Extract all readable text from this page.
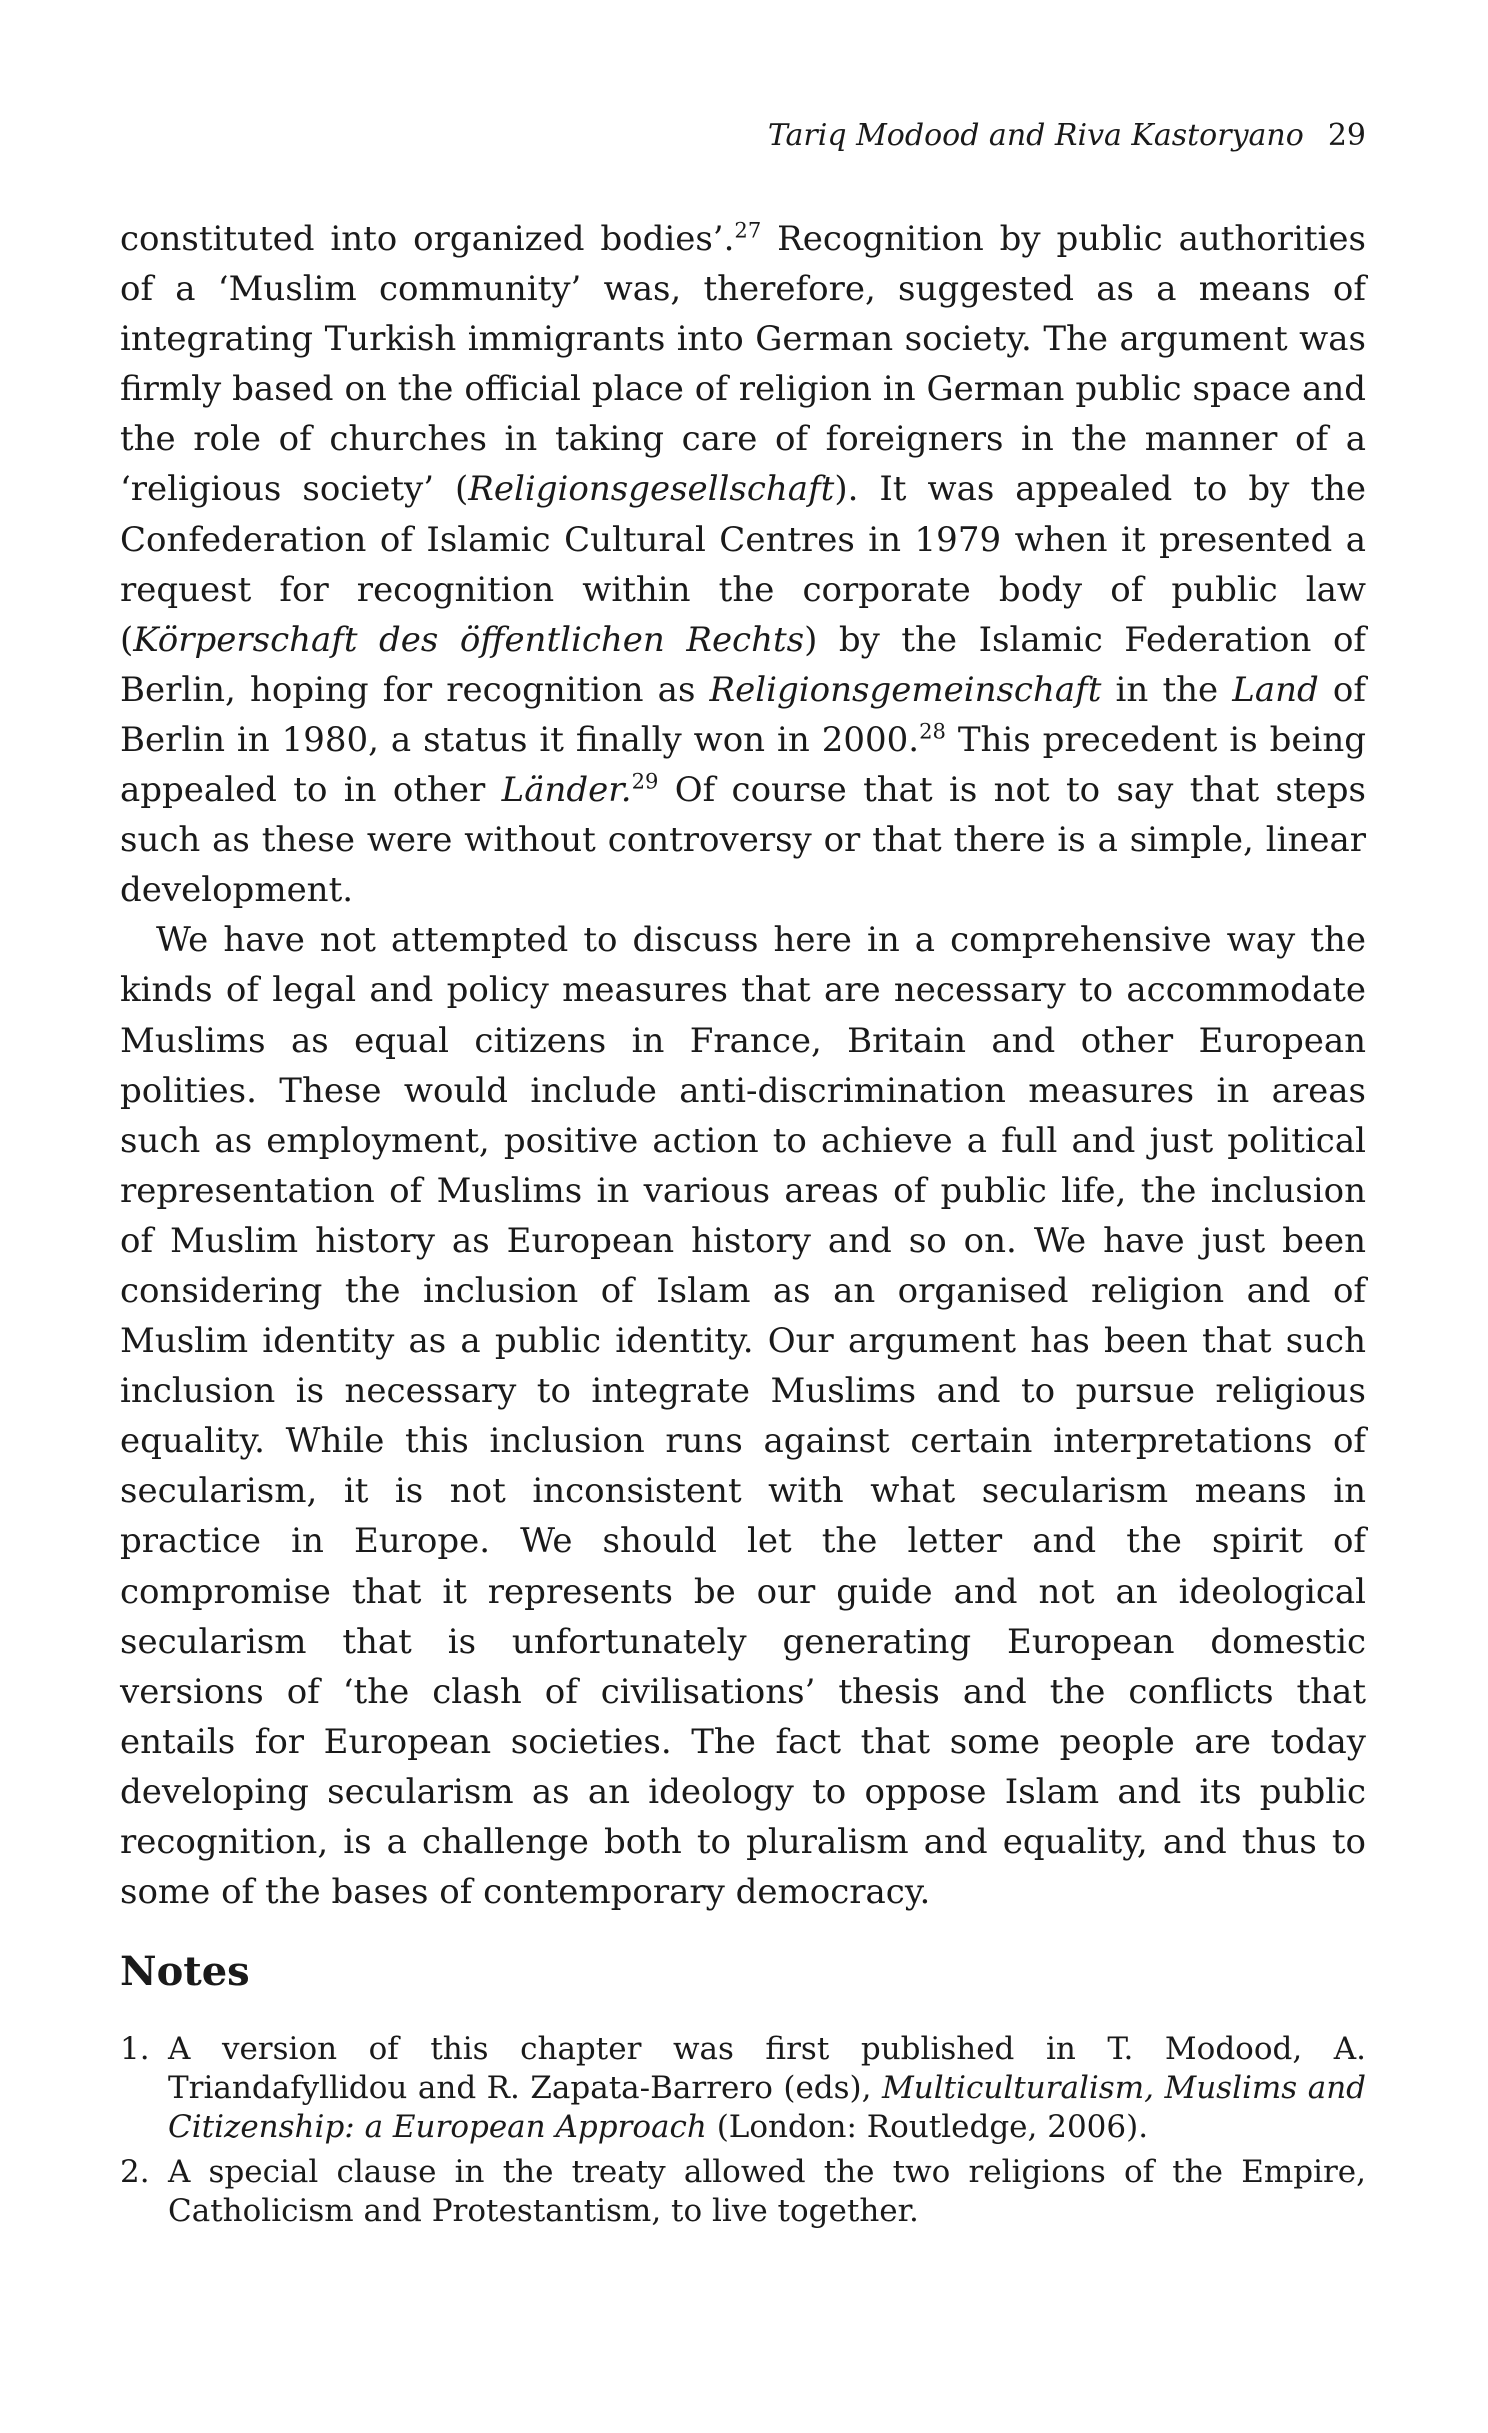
Tariq Modood and Riva Kastoryano 29

constituted into organized bodies’.$^{27}$ Recognition by public authorities of a ‘Muslim community’ was, therefore, suggested as a means of integrating Turkish immigrants into German society. The argument was firmly based on the official place of religion in German public space and the role of churches in taking care of foreigners in the manner of a ‘religious society’ (Religionsgesellschaft). It was appealed to by the Confederation of Islamic Cultural Centres in 1979 when it presented a request for recognition within the corporate body of public law (Körperschaft des öffentlichen Rechts) by the Islamic Federation of Berlin, hoping for recognition as Religionsgemeinschaft in the Land of Berlin in 1980, a status it finally won in 2000.28 This precedent is being appealed to in other Länder.$^{29}$ Of course that is not to say that steps such as these were without controversy or that there is a simple, linear development.

We have not attempted to discuss here in a comprehensive way the kinds of legal and policy measures that are necessary to accommodate Muslims as equal citizens in France, Britain and other European polities. These would include anti-discrimination measures in areas such as employment, positive action to achieve a full and just political representation of Muslims in various areas of public life, the inclusion of Muslim history as European history and so on. We have just been considering the inclusion of Islam as an organised religion and of Muslim identity as a public identity. Our argument has been that such inclusion is necessary to integrate Muslims and to pursue religious equality. While this inclusion runs against certain interpretations of secularism, it is not inconsistent with what secularism means in practice in Europe. We should let the letter and the spirit of compromise that it represents be our guide and not an ideological secularism that is unfortunately generating European domestic versions of ‘the clash of civilisations’ thesis and the conflicts that entails for European societies. The fact that some people are today developing secularism as an ideology to oppose Islam and its public recognition, is a challenge both to pluralism and equality, and thus to some of the bases of contemporary democracy.

Notes
1. A version of this chapter was first published in T. Modood, A. Triandafyllidou and R. Zapata-Barrero (eds), Multiculturalism, Muslims and Citizenship: a European Approach (London: Routledge, 2006).
2. A special clause in the treaty allowed the two religions of the Empire, Catholicism and Protestantism, to live together.
